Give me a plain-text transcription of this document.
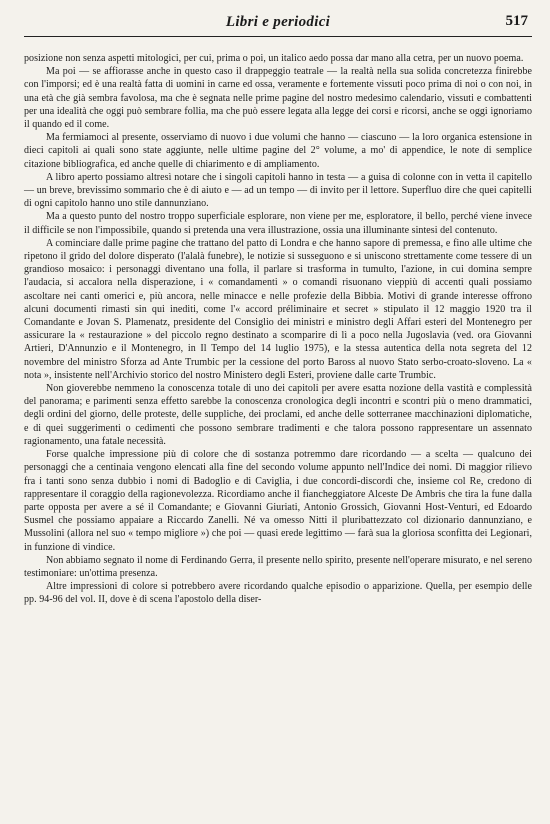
Libri e periodici	517

posizione non senza aspetti mitologici, per cui, prima o poi, un italico aedo possa dar mano alla cetra, per un nuovo poema.

Ma poi — se affiorasse anche in questo caso il drappeggio teatrale — la realtà nella sua solida concretezza finirebbe con l'imporsi; ed è una realtà fatta di uomini in carne ed ossa, veramente e fortemente vissuti poco prima di noi o con noi, in una età che già sembra favolosa, ma che è segnata nelle prime pagine del nostro medesimo calendario, vissuti e combattenti per una idealità che oggi può sembrare follia, ma che può essere legata alla legge dei corsi e ricorsi, anche se oggi ignoriamo il quando ed il come.

Ma fermiamoci al presente, osserviamo di nuovo i due volumi che hanno — ciascuno — la loro organica estensione in dieci capitoli ai quali sono state aggiunte, nelle ultime pagine del 2° volume, a mo' di appendice, le note di semplice citazione bibliografica, ed anche quelle di chiarimento e di ampliamento.

A libro aperto possiamo altresì notare che i singoli capitoli hanno in testa — a guisa di colonne con in vetta il capitello — un breve, brevissimo sommario che è di aiuto e — ad un tempo — di invito per il lettore. Superfluo dire che quei capitelli di ogni capitolo hanno uno stile dannunziano.

Ma a questo punto del nostro troppo superficiale esplorare, non viene per me, esploratore, il bello, perché viene invece il difficile se non l'impossibile, quando si pretenda una vera illustrazione, ossia una illuminante sintesi del contenuto.

A cominciare dalle prime pagine che trattano del patto di Londra e che hanno sapore di premessa, e fino alle ultime che ripetono il grido del dolore disperato (l'alalà funebre), le notizie si susseguono e si uniscono strettamente come tessere di un grandioso mosaico: i personaggi diventano una folla, il parlare si trasforma in tumulto, l'azione, in cui domina sempre l'audacia, si accalora nella disperazione, i « comandamenti » o comandi risuonano vieppiù di accenti quali possiamo ascoltare nei canti omerici e, più ancora, nelle minacce e nelle profezie della Bibbia. Motivi di grande interesse offrono alcuni documenti rimasti sin qui inediti, come l'« accord préliminaire et secret » stipulato il 12 maggio 1920 tra il Comandante e Jovan S. Plamenatz, presidente del Consiglio dei ministri e ministro degli Affari esteri del Montenegro per assicurare la « restaurazione » del piccolo regno destinato a scomparire di lì a poco nella Jugoslavia (ved. ora Giovanni Artieri, D'Annunzio e il Montenegro, in Il Tempo del 14 luglio 1975), e la stessa autentica della nota segreta del 12 novembre del ministro Sforza ad Ante Trumbic per la cessione del porto Baross al nuovo Stato serbo-croato-sloveno. La « nota », insistente nell'Archivio storico del nostro Ministero degli Esteri, proviene dalle carte Trumbic.

Non gioverebbe nemmeno la conoscenza totale di uno dei capitoli per avere esatta nozione della vastità e complessità del panorama; e parimenti senza effetto sarebbe la conoscenza cronologica degli incontri e scontri più o meno drammatici, degli ordini del giorno, delle proteste, delle suppliche, dei proclami, ed anche delle sotterranee macchinazioni diplomatiche, e di quei suggerimenti o cedimenti che possono sembrare tradimenti e che talora possono rappresentare un assennato ragionamento, una fatale necessità.

Forse qualche impressione più di colore che di sostanza potremmo dare ricordando — a scelta — qualcuno dei personaggi che a centinaia vengono elencati alla fine del secondo volume appunto nell'Indice dei nomi. Di maggior rilievo fra i tanti sono senza dubbio i nomi di Badoglio e di Caviglia, i due concordi-discordi che, insieme col Re, credono di rappresentare il coraggio della ragionevolezza. Ricordiamo anche il fiancheggiatore Alceste De Ambris che tira la fune dalla parte opposta per avere a sé il Comandante; e Giovanni Giuriati, Antonio Grossich, Giovanni Host-Venturi, ed Edoardo Susmel che possiamo appaiare a Riccardo Zanelli. Né va omesso Nitti il pluribattezzato col dizionario dannunziano, e Mussolini (allora nel suo « tempo migliore ») che poi — quasi erede legittimo — farà sua la gloriosa sconfitta dei Legionari, in funzione di vindice.

Non abbiamo segnato il nome di Ferdinando Gerra, il presente nello spirito, presente nell'operare misurato, e nel sereno testimoniare: un'ottima presenza.

Altre impressioni di colore si potrebbero avere ricordando qualche episodio o apparizione. Quella, per esempio delle pp. 94-96 del vol. II, dove è di scena l'apostolo della diser-
